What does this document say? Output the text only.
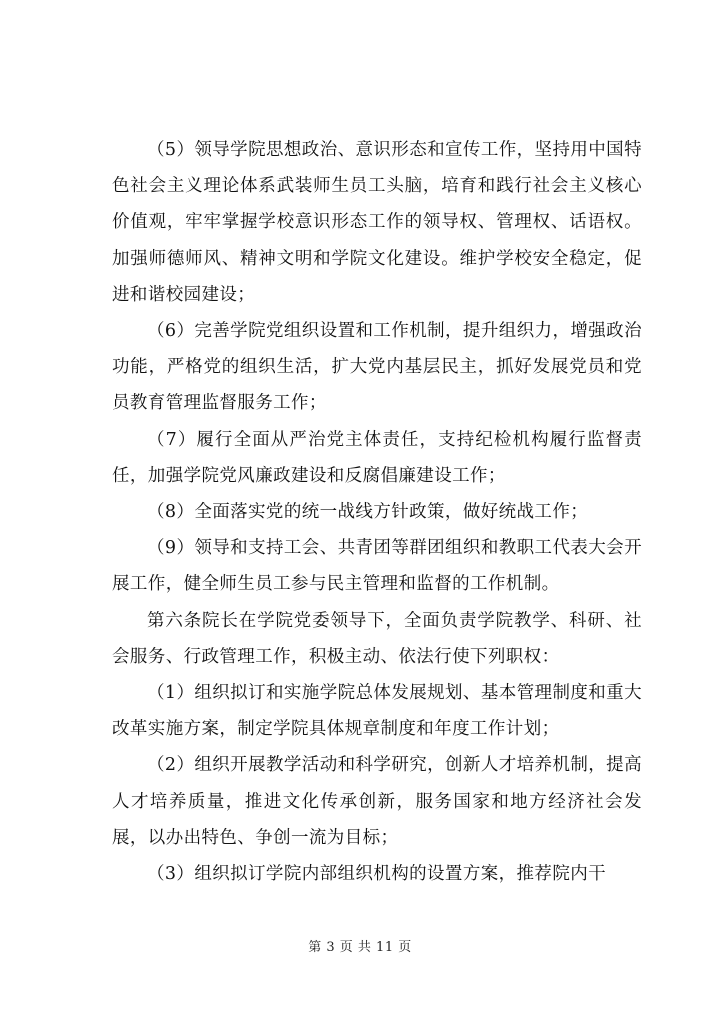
（5）领导学院思想政治、意识形态和宣传工作，坚持用中国特色社会主义理论体系武装师生员工头脑，培育和践行社会主义核心价值观，牢牢掌握学校意识形态工作的领导权、管理权、话语权。加强师德师风、精神文明和学院文化建设。维护学校安全稳定，促进和谐校园建设；

（6）完善学院党组织设置和工作机制，提升组织力，增强政治功能，严格党的组织生活，扩大党内基层民主，抓好发展党员和党员教育管理监督服务工作；

（7）履行全面从严治党主体责任，支持纪检机构履行监督责任，加强学院党风廉政建设和反腐倡廉建设工作；

（8）全面落实党的统一战线方针政策，做好统战工作；

（9）领导和支持工会、共青团等群团组织和教职工代表大会开展工作，健全师生员工参与民主管理和监督的工作机制。

第六条院长在学院党委领导下，全面负责学院教学、科研、社会服务、行政管理工作，积极主动、依法行使下列职权：

（1）组织拟订和实施学院总体发展规划、基本管理制度和重大改革实施方案，制定学院具体规章制度和年度工作计划；

（2）组织开展教学活动和科学研究，创新人才培养机制，提高人才培养质量，推进文化传承创新，服务国家和地方经济社会发展，以办出特色、争创一流为目标；

（3）组织拟订学院内部组织机构的设置方案，推荐院内干

第 3 页 共 11 页
